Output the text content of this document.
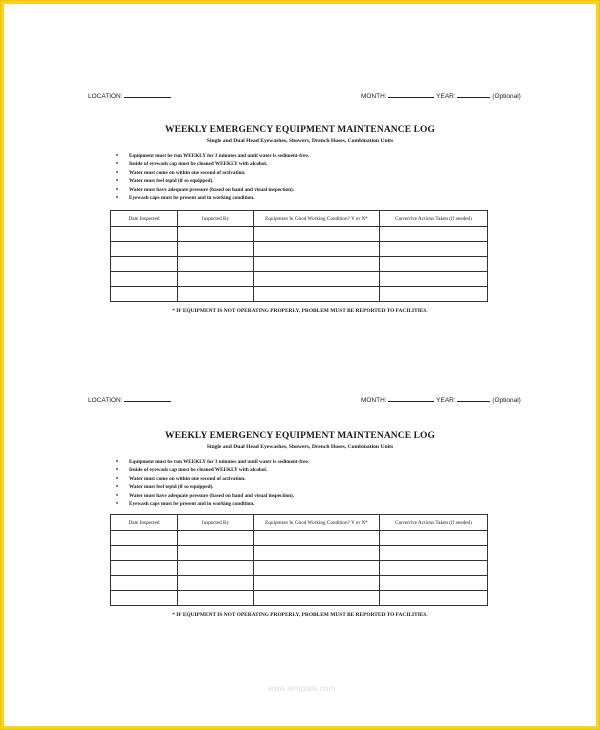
LOCATION:	MONTH:	YEAR:	(Optional)
WEEKLY EMERGENCY EQUIPMENT MAINTENANCE LOG
Single and Dual Head Eyewashes, Showers, Drench Hoses, Combination Units
• Equipment must be run WEEKLY for 3 minutes and until water is sediment-free.
• Inside of eyewash cap must be cleaned WEEKLY with alcohol.
• Water must come on within one second of activation.
• Water must feel tepid (if so equipped).
• Water must have adequate pressure (based on hand and visual inspection).
• Eyewash caps must be present and in working condition.
Date Inspected	Inspected By	Equipment In Good Working Condition? Y or N*	Corrective Actions Taken (if needed)

* IF EQUIPMENT IS NOT OPERATING PROPERLY, PROBLEM MUST BE REPORTED TO FACILITIES.
LOCATION:	MONTH:	YEAR:	(Optional)
WEEKLY EMERGENCY EQUIPMENT MAINTENANCE LOG
Single and Dual Head Eyewashes, Showers, Drench Hoses, Combination Units
• Equipment must be run WEEKLY for 3 minutes and until water is sediment-free.
• Inside of eyewash cap must be cleaned WEEKLY with alcohol.
• Water must come on within one second of activation.
• Water must feel tepid (if so equipped).
• Water must have adequate pressure (based on hand and visual inspection).
• Eyewash caps must be present and in working condition.
Date Inspected	Inspected By	Equipment In Good Working Condition? Y or N*	Corrective Actions Taken (if needed)

* IF EQUIPMENT IS NOT OPERATING PROPERLY, PROBLEM MUST BE REPORTED TO FACILITIES.
www.template.com
